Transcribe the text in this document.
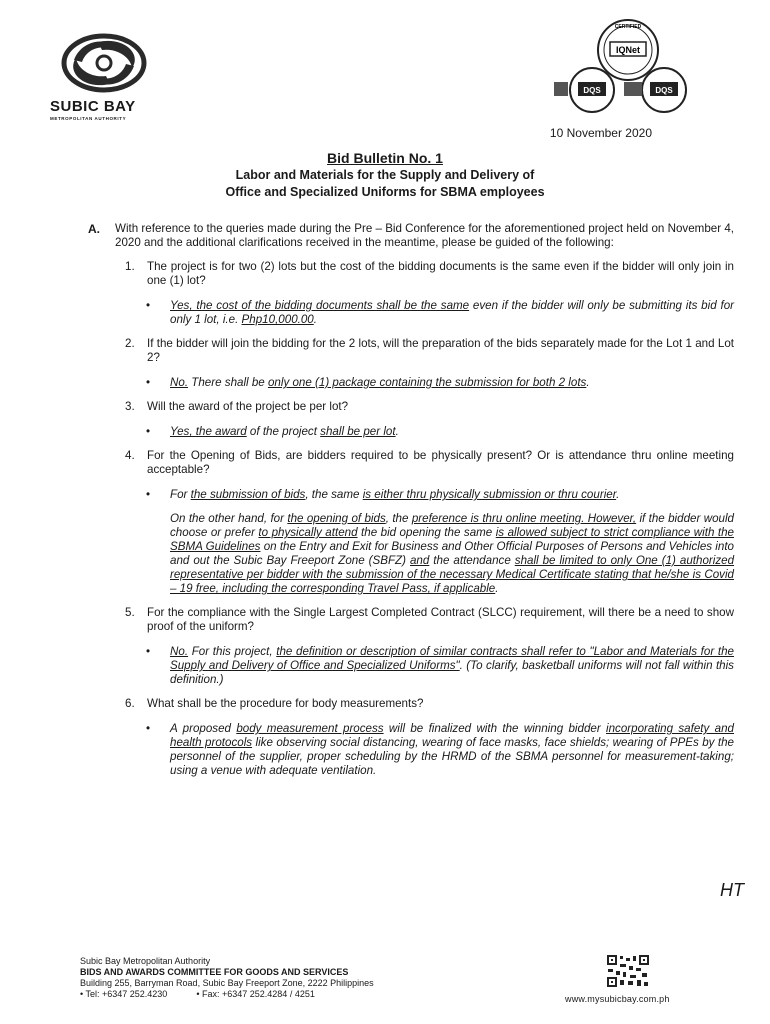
SUBIC BAY
METROPOLITAN AUTHORITY
CERTIFIED
IQNet
DQS	DQS
10 November 2020
Bid Bulletin No. 1
Labor and Materials for the Supply and Delivery of
Office and Specialized Uniforms for SBMA employees
A. With reference to the queries made during the Pre – Bid Conference for the aforementioned project held on November 4, 2020 and the additional clarifications received in the meantime, please be guided of the following:
1. The project is for two (2) lots but the cost of the bidding documents is the same even if the bidder will only join in one (1) lot?
• Yes, the cost of the bidding documents shall be the same even if the bidder will only be submitting its bid for only 1 lot, i.e. Php10,000.00.
2. If the bidder will join the bidding for the 2 lots, will the preparation of the bids separately made for the Lot 1 and Lot 2?
• No. There shall be only one (1) package containing the submission for both 2 lots.
3. Will the award of the project be per lot?
• Yes, the award of the project shall be per lot.
4. For the Opening of Bids, are bidders required to be physically present? Or is attendance thru online meeting acceptable?
• For the submission of bids, the same is either thru physically submission or thru courier.
On the other hand, for the opening of bids, the preference is thru online meeting. However, if the bidder would choose or prefer to physically attend the bid opening the same is allowed subject to strict compliance with the SBMA Guidelines on the Entry and Exit for Business and Other Official Purposes of Persons and Vehicles into and out the Subic Bay Freeport Zone (SBFZ) and the attendance shall be limited to only One (1) authorized representative per bidder with the submission of the necessary Medical Certificate stating that he/she is Covid – 19 free, including the corresponding Travel Pass, if applicable.
5. For the compliance with the Single Largest Completed Contract (SLCC) requirement, will there be a need to show proof of the uniform?
• No. For this project, the definition or description of similar contracts shall refer to "Labor and Materials for the Supply and Delivery of Office and Specialized Uniforms". (To clarify, basketball uniforms will not fall within this definition.)
6. What shall be the procedure for body measurements?
• A proposed body measurement process will be finalized with the winning bidder incorporating safety and health protocols like observing social distancing, wearing of face masks, face shields; wearing of PPEs by the personnel of the supplier, proper scheduling by the HRMD of the SBMA personnel for measurement-taking; using a venue with adequate ventilation.
HT
Subic Bay Metropolitan Authority
BIDS AND AWARDS COMMITTEE FOR GOODS AND SERVICES
Building 255, Barryman Road, Subic Bay Freeport Zone, 2222 Philippines
• Tel: +6347 252.4230	• Fax: +6347 252.4284 / 4251	www.mysubicbay.com.ph
